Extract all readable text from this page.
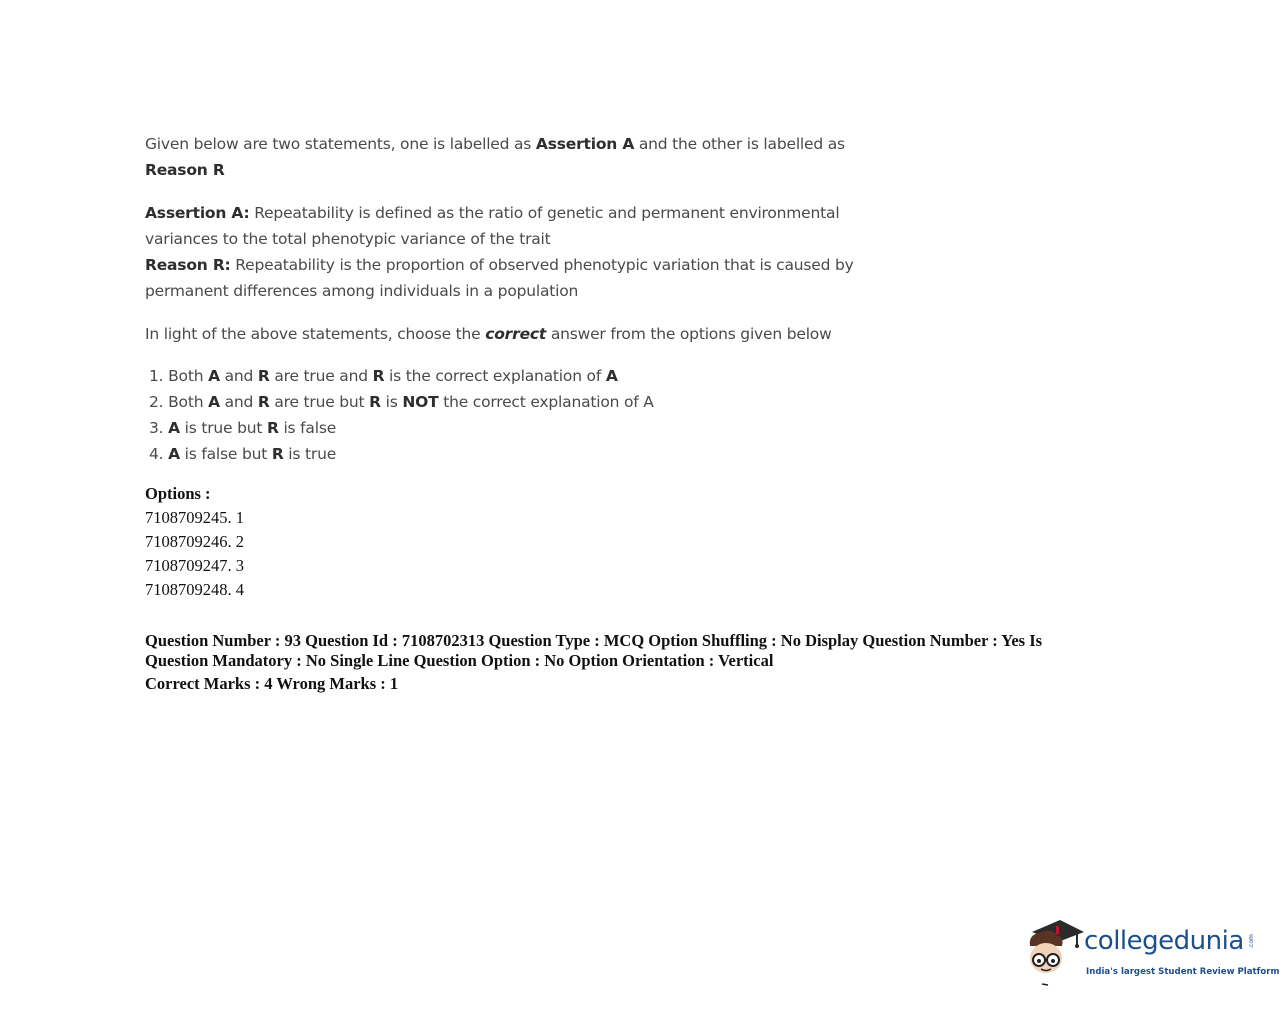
Given below are two statements, one is labelled as Assertion A and the other is labelled as

Reason R

Assertion A: Repeatability is defined as the ratio of genetic and permanent environmental

variances to the total phenotypic variance of the trait

Reason R: Repeatability is the proportion of observed phenotypic variation that is caused by

permanent differences among individuals in a population

In light of the above statements, choose the correct answer from the options given below

1. Both A and R are true and R is the correct explanation of A
2. Both A and R are true but R is NOT the correct explanation of A
3. A is true but R is false
4. A is false but R is true
Options :
7108709245. 1
7108709246. 2
7108709247. 3
7108709248. 4
Question Number : 93 Question Id : 7108702313 Question Type : MCQ Option Shuffling : No Display Question Number : Yes Is
Question Mandatory : No Single Line Question Option : No Option Orientation : Vertical
Correct Marks : 4 Wrong Marks : 1
collegedunia .com
India's largest Student Review Platform
